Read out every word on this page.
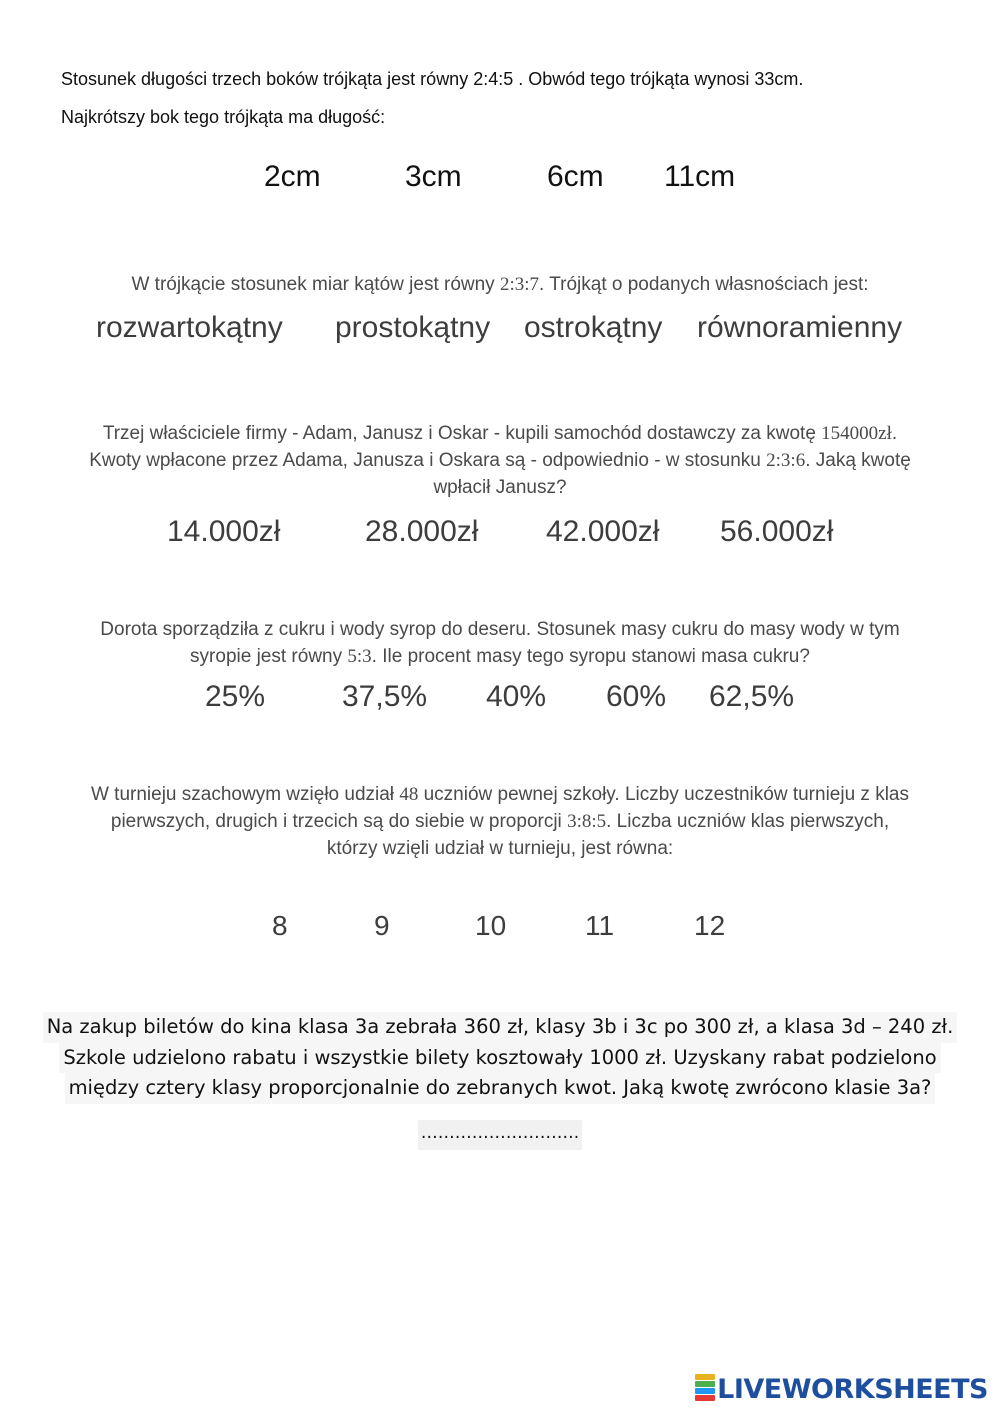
Stosunek długości trzech boków trójkąta jest równy 2:4:5 . Obwód tego trójkąta wynosi 33cm.
Najkrótszy bok tego trójkąta ma długość:
2cm	3cm	6cm 11cm
W trójkącie stosunek miar kątów jest równy 2:3:7. Trójkąt o podanych własnościach jest:
rozwartokątny prostokątny ostrokątny równoramienny
Trzej właściciele firmy - Adam, Janusz i Oskar - kupili samochód dostawczy za kwotę 154000zł.
Kwoty wpłacone przez Adama, Janusza i Oskara są - odpowiednio - w stosunku 2:3:6. Jaką kwotę
wpłacił Janusz?
14.000zł	28.000zł 42.000zł 56.000zł
Dorota sporządziła z cukru i wody syrop do deseru. Stosunek masy cukru do masy wody w tym
syropie jest równy 5:3. Ile procent masy tego syropu stanowi masa cukru?
25%	37,5% 40% 60% 62,5%
W turnieju szachowym wzięło udział 48 uczniów pewnej szkoły. Liczby uczestników turnieju z klas
pierwszych, drugich i trzecich są do siebie w proporcji 3:8:5. Liczba uczniów klas pierwszych,
którzy wzięli udział w turnieju, jest równa:
8	9	10	11	12
Na zakup biletów do kina klasa 3a zebrała 360 zł, klasy 3b i 3c po 300 zł, a klasa 3d – 240 zł.
Szkole udzielono rabatu i wszystkie bilety kosztowały 1000 zł. Uzyskany rabat podzielono
między cztery klasy proporcjonalnie do zebranych kwot. Jaką kwotę zwrócono klasie 3a?
……………………….
LIVEWORKSHEETS
